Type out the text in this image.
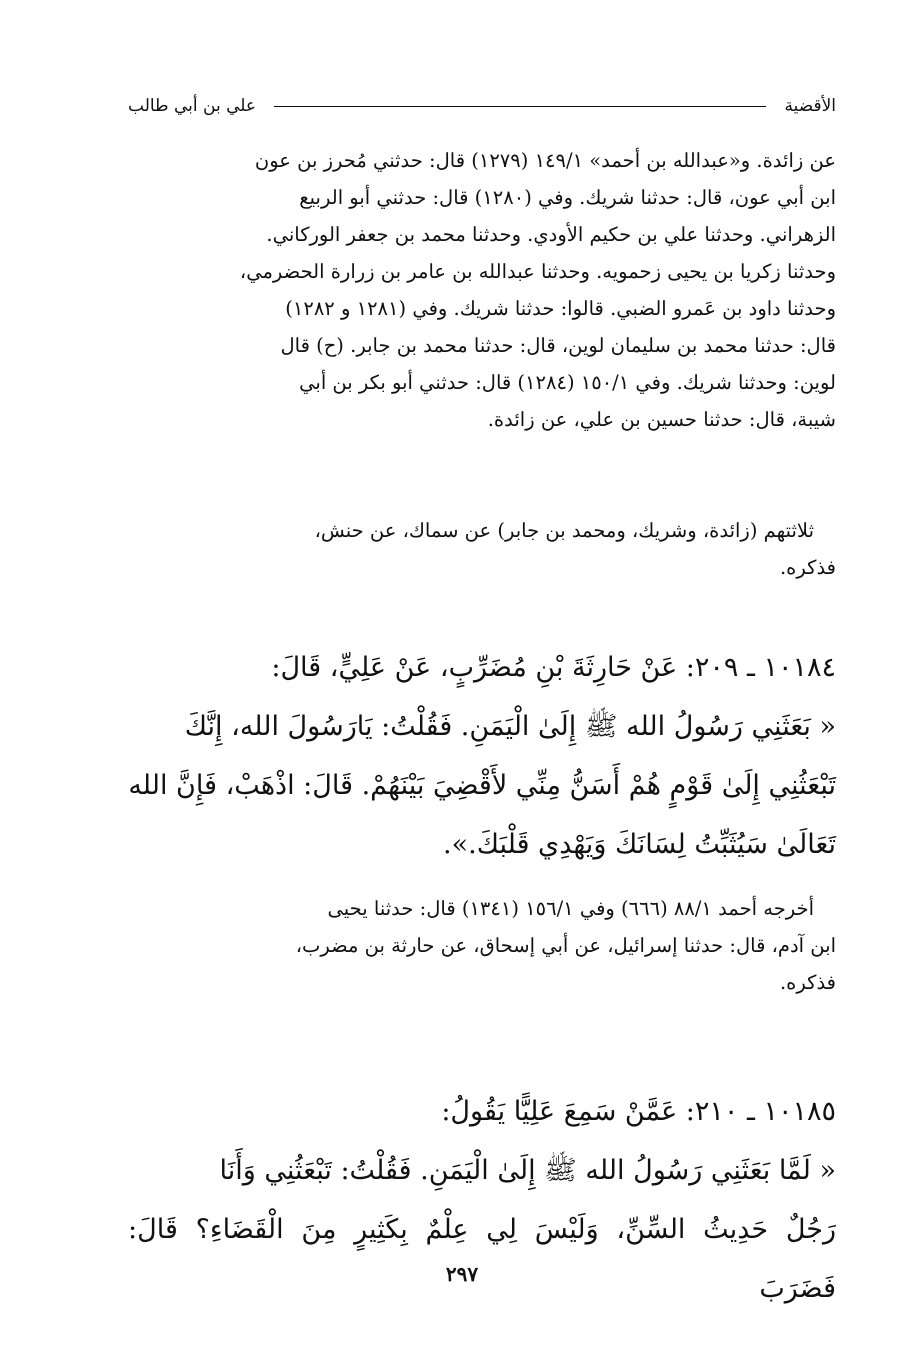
الأقضية
علي بن أبي طالب

عن زائدة. و«عبدالله بن أحمد» ١٤٩/١ (١٢٧٩) قال: حدثني مُحرز بن عون

ابن أبي عون، قال: حدثنا شريك. وفي (١٢٨٠) قال: حدثني أبو الربيع

الزهراني. وحدثنا علي بن حكيم الأودي. وحدثنا محمد بن جعفر الوركاني.

وحدثنا زكريا بن يحيى زحمويه. وحدثنا عبدالله بن عامر بن زرارة الحضرمي،

وحدثنا داود بن عَمرو الضبي. قالوا: حدثنا شريك. وفي (١٢٨١ و ١٢٨٢)

قال: حدثنا محمد بن سليمان لوين، قال: حدثنا محمد بن جابر. (ح) قال

لوين: وحدثنا شريك. وفي ١٥٠/١ (١٢٨٤) قال: حدثني أبو بكر بن أبي

شيبة، قال: حدثنا حسين بن علي، عن زائدة.

ثلاثتهم (زائدة، وشريك، ومحمد بن جابر) عن سماك، عن حنش،

فذكره.

١٠١٨٤ ـ ٢٠٩: عَنْ حَارِثَةَ بْنِ مُضَرِّبٍ، عَنْ عَلِيٍّ، قَالَ:

« بَعَثَنِي رَسُولُ الله ﷺ إِلَىٰ الْيَمَنِ. فَقُلْتُ: يَارَسُولَ الله، إِنَّكَ

تَبْعَثُنِي إِلَىٰ قَوْمٍ هُمْ أَسَنُّ مِنِّي لأَقْضِيَ بَيْنَهُمْ. قَالَ: اذْهَبْ، فَإِنَّ الله

تَعَالَىٰ سَيُثَبِّتُ لِسَانَكَ وَيَهْدِي قَلْبَكَ.».

أخرجه أحمد ٨٨/١ (٦٦٦) وفي ١٥٦/١ (١٣٤١) قال: حدثنا يحيى

ابن آدم، قال: حدثنا إسرائيل، عن أبي إسحاق، عن حارثة بن مضرب،

فذكره.

١٠١٨٥ ـ ٢١٠: عَمَّنْ سَمِعَ عَلِيًّا يَقُولُ:

« لَمَّا بَعَثَنِي رَسُولُ الله ﷺ إِلَىٰ الْيَمَنِ. فَقُلْتُ: تَبْعَثُنِي وَأَنَا

رَجُلٌ حَدِيثُ السِّنِّ، وَلَيْسَ لِي عِلْمٌ بِكَثِيرٍ مِنَ الْقَضَاءِ؟ قَالَ: فَضَرَبَ

٢٩٧
